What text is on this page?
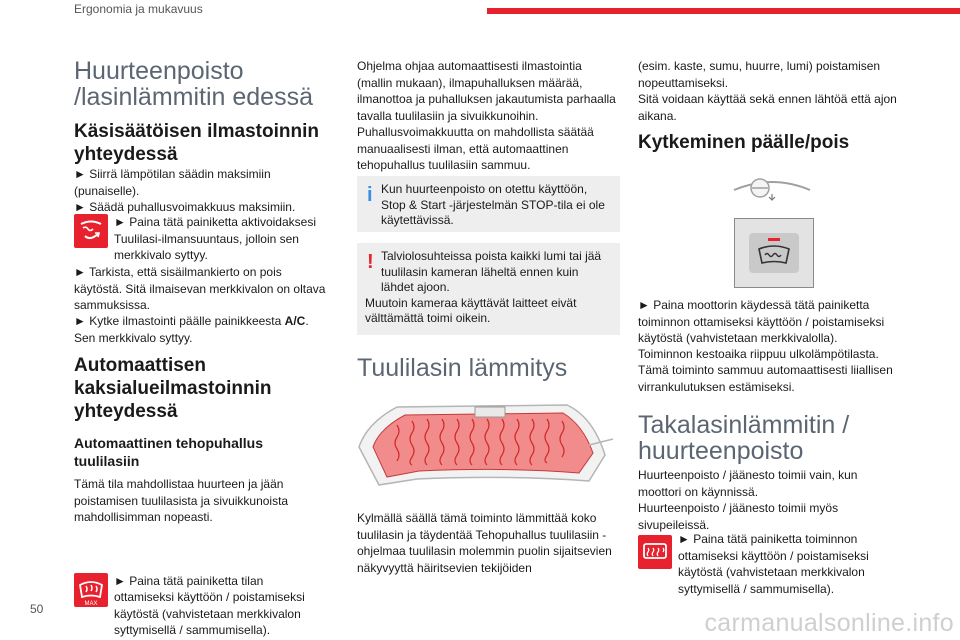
Ergonomia ja mukavuus
50	carmanualsonline.info
Huurteenpoisto
/lasinlämmitin edessä
Käsisäätöisen ilmastoinnin yhteydessä
► Siirrä lämpötilan säädin maksimiin (punaiselle).
► Säädä puhallusvoimakkuus maksimiin.
► Paina tätä painiketta aktivoidaksesi Tuulilasi-ilmansuuntaus, jolloin sen merkkivalo syttyy.
► Tarkista, että sisäilmankierto on pois käytöstä. Sitä ilmaisevan merkkivalon on oltava sammuksissa.
► Kytke ilmastointi päälle painikkeesta A/C. Sen merkkivalo syttyy.
Automaattisen kaksialueilmastoinnin yhteydessä
Automaattinen tehopuhallus tuulilasiin
Tämä tila mahdollistaa huurteen ja jään poistamisen tuulilasista ja sivuikkunoista mahdollisimman nopeasti.
MAX
► Paina tätä painiketta tilan ottamiseksi käyttöön / poistamiseksi käytöstä (vahvistetaan merkkivalon syttymisellä / sammumisella).
Ohjelma ohjaa automaattisesti ilmastointia (mallin mukaan), ilmapuhalluksen määrää, ilmanottoa ja puhalluksen jakautumista parhaalla tavalla tuulilasiin ja sivuikkunoihin. Puhallusvoimakkuutta on mahdollista säätää manuaalisesti ilman, että automaattinen tehopuhallus tuulilasiin sammuu.
i Kun huurteenpoisto on otettu käyttöön, Stop & Start -järjestelmän STOP-tila ei ole käytettävissä.
! Talviolosuhteissa poista kaikki lumi tai jää tuulilasin kameran läheltä ennen kuin lähdet ajoon.
Muutoin kameraa käyttävät laitteet eivät välttämättä toimi oikein.
Tuulilasin lämmitys
Kylmällä säällä tämä toiminto lämmittää koko tuulilasin ja täydentää Tehopuhallus tuulilasiin -ohjelmaa tuulilasin molemmin puolin sijaitsevien näkyvyyttä häiritsevien tekijöiden
(esim. kaste, sumu, huurre, lumi) poistamisen nopeuttamiseksi.
Sitä voidaan käyttää sekä ennen lähtöä että ajon aikana.
Kytkeminen päälle/pois
► Paina moottorin käydessä tätä painiketta toiminnon ottamiseksi käyttöön / poistamiseksi käytöstä (vahvistetaan merkkivalolla).
Toiminnon kestoaika riippuu ulkolämpötilasta.
Tämä toiminto sammuu automaattisesti liiallisen virrankulutuksen estämiseksi.
Takalasinlämmitin /
huurteenpoisto
Huurteenpoisto / jäänesto toimii vain, kun moottori on käynnissä.
Huurteenpoisto / jäänesto toimii myös sivupeileissä.
► Paina tätä painiketta toiminnon ottamiseksi käyttöön / poistamiseksi käytöstä (vahvistetaan merkkivalon syttymisellä / sammumisella).
